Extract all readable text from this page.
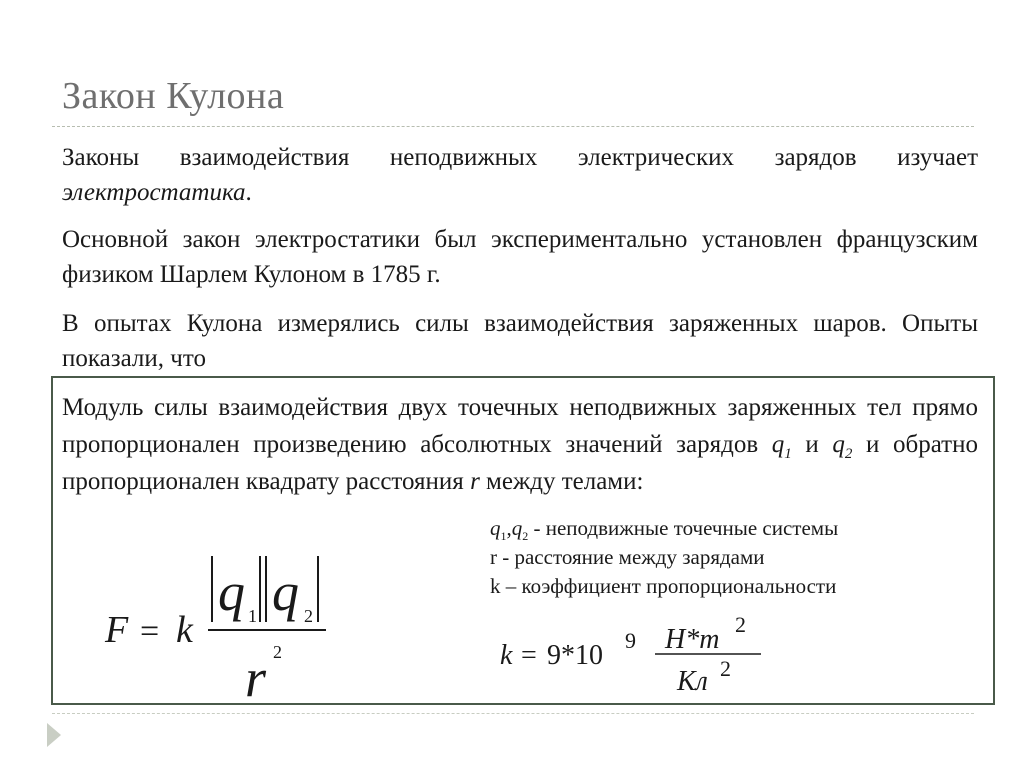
Закон Кулона
Законы взаимодействия неподвижных электрических зарядов изучает электростатика.
Основной закон электростатики был экспериментально установлен французским физиком Шарлем Кулоном в 1785 г.
В опытах Кулона измерялись силы взаимодействия заряженных шаров. Опыты показали, что
Модуль силы взаимодействия двух точечных неподвижных заряженных тел прямо пропорционален произведению абсолютных значений зарядов $q_1$ и $q_2$ и обратно пропорционален квадрату расстояния r между телами:
$q_1,q_2$ - неподвижные точечные системы
r - расстояние между зарядами
k – коэффициент пропорциональности
F = k
q 1 q 2
2
r	k = 9*10 9 Н*m 2
Кл 2
